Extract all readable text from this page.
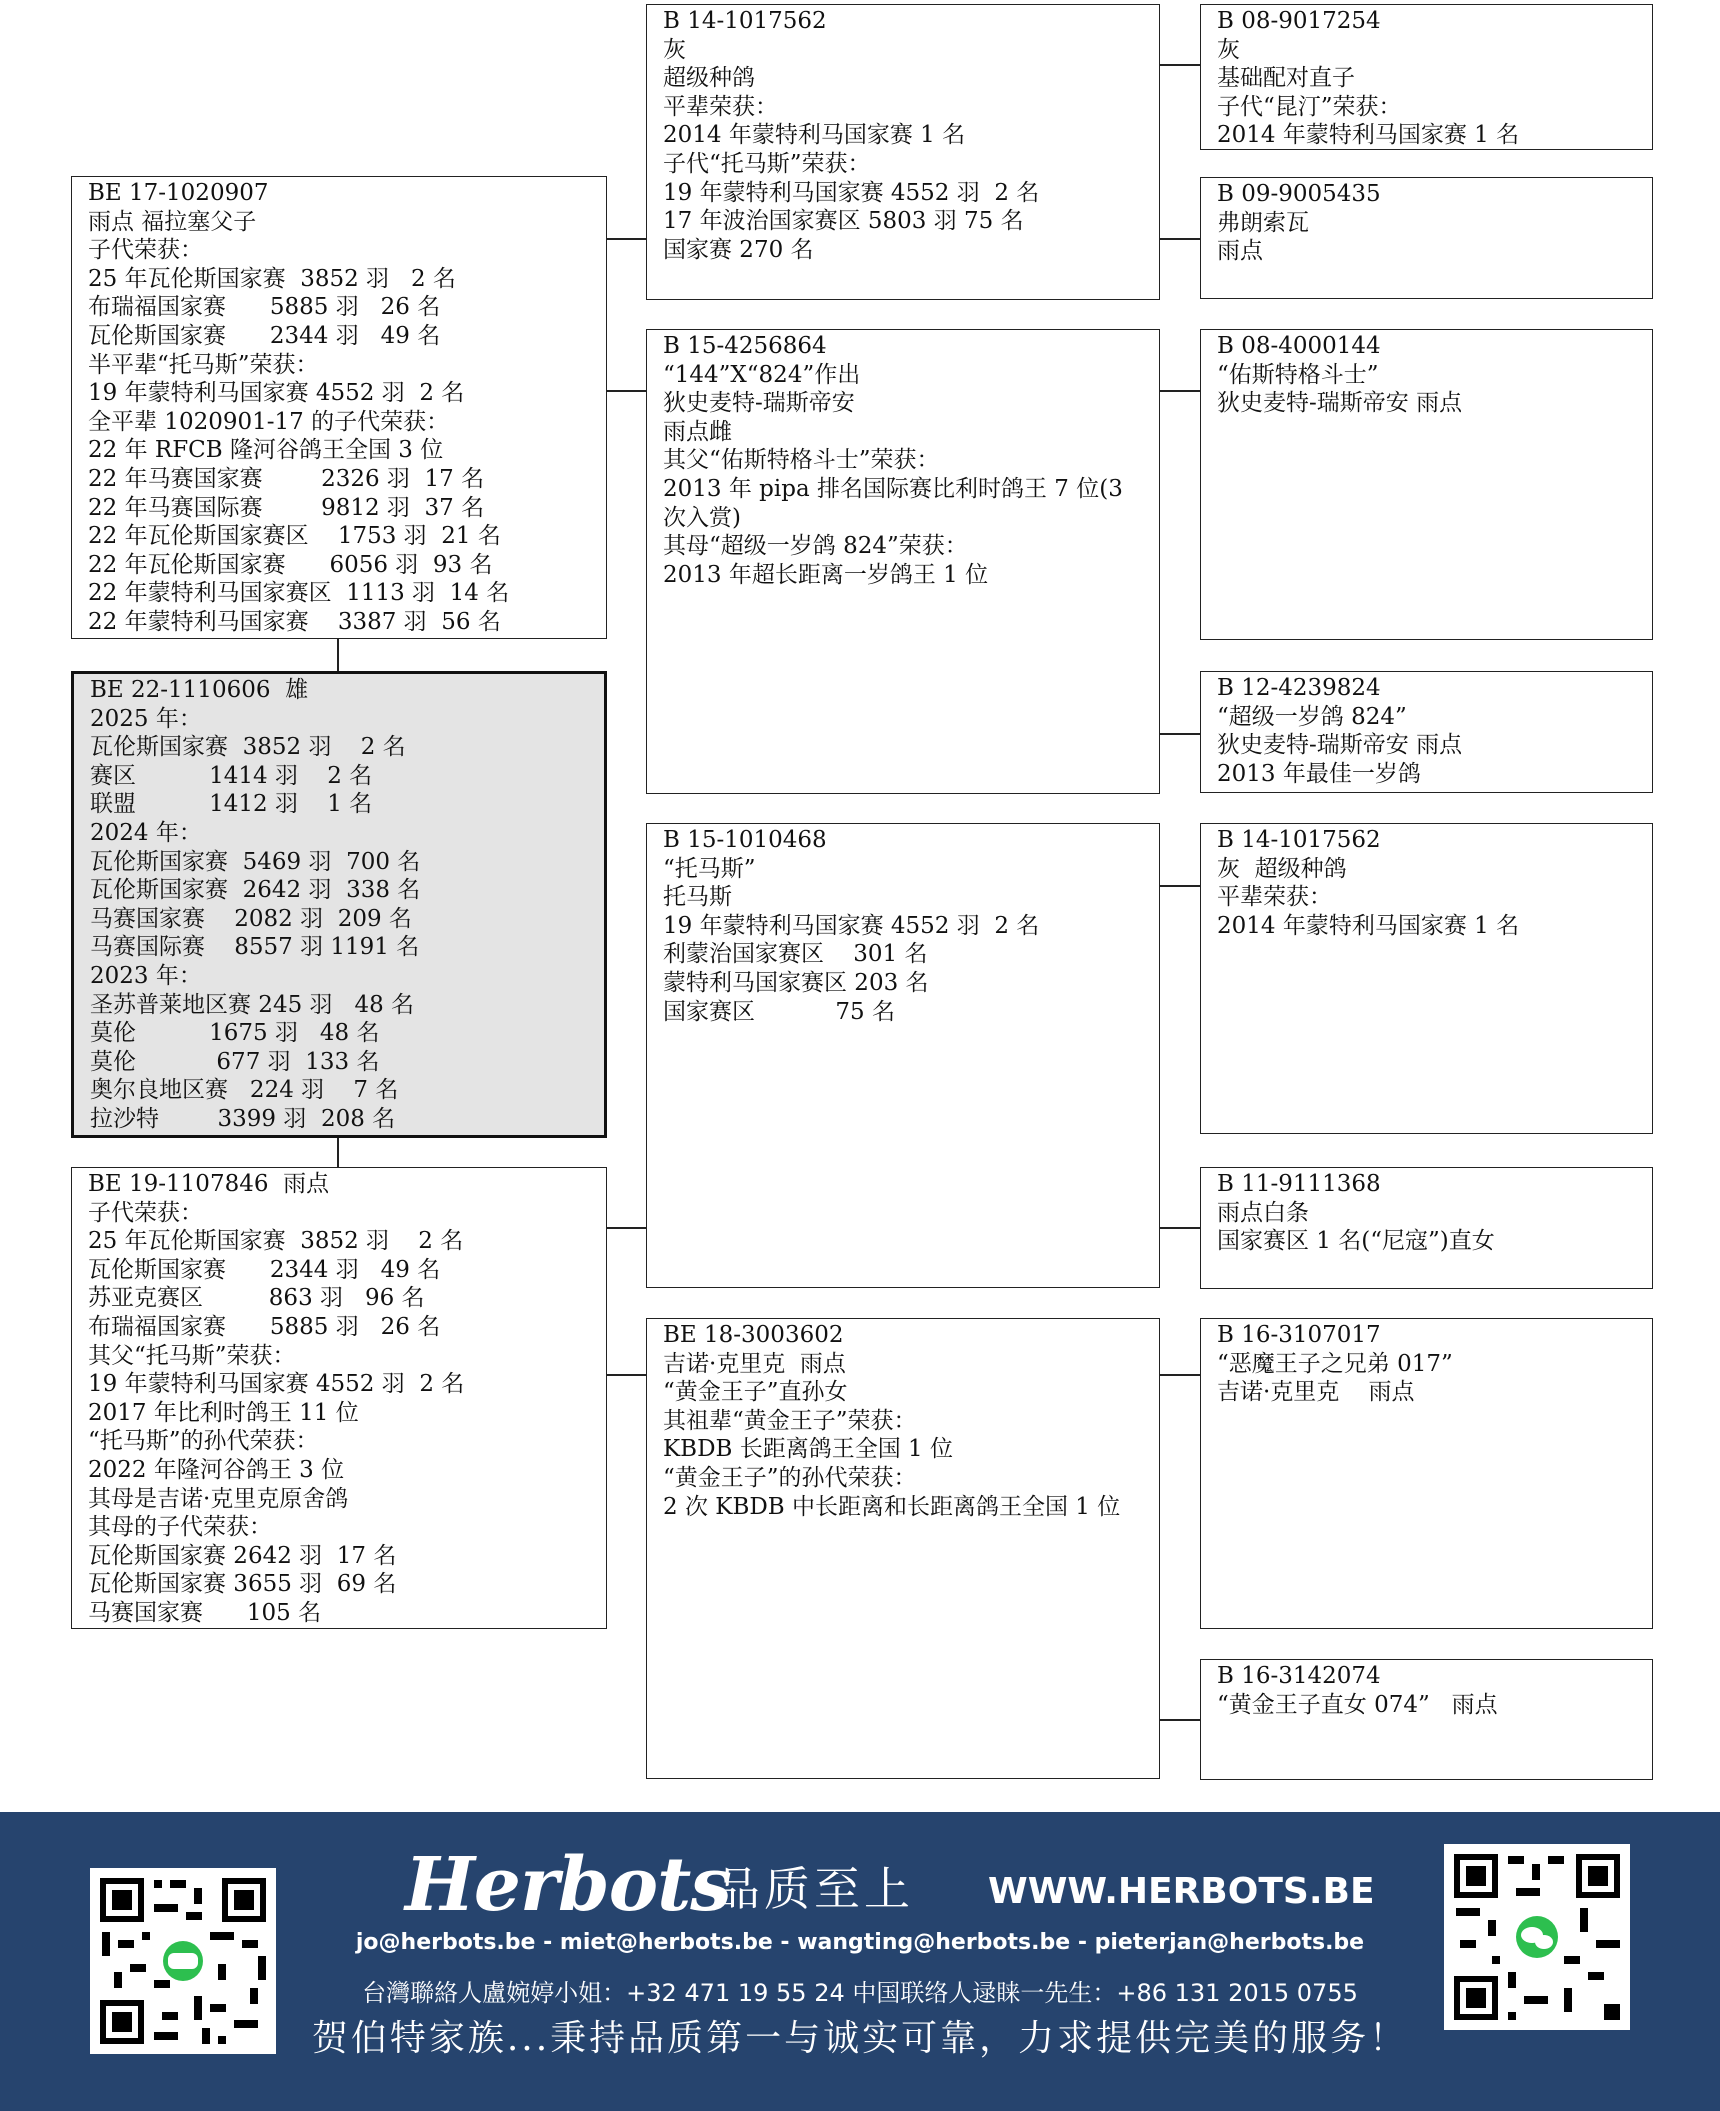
BE 17-1020907
雨点 福拉塞父子
子代荣获：
25 年瓦伦斯国家赛  3852 羽   2 名
布瑞福国家赛      5885 羽   26 名
瓦伦斯国家赛      2344 羽   49 名
半平辈“托马斯”荣获：
19 年蒙特利马国家赛 4552 羽  2 名
全平辈 1020901-17 的子代荣获：
22 年 RFCB 隆河谷鸽王全国 3 位
22 年马赛国家赛        2326 羽  17 名
22 年马赛国际赛        9812 羽  37 名
22 年瓦伦斯国家赛区    1753 羽  21 名
22 年瓦伦斯国家赛      6056 羽  93 名
22 年蒙特利马国家赛区  1113 羽  14 名
22 年蒙特利马国家赛    3387 羽  56 名
BE 22-1110606  雄
2025 年：
瓦伦斯国家赛  3852 羽    2 名
赛区          1414 羽    2 名
联盟          1412 羽    1 名
2024 年：
瓦伦斯国家赛  5469 羽  700 名
瓦伦斯国家赛  2642 羽  338 名
马赛国家赛    2082 羽  209 名
马赛国际赛    8557 羽 1191 名
2023 年：
圣苏普莱地区赛 245 羽   48 名
莫伦          1675 羽   48 名
莫伦           677 羽  133 名
奥尔良地区赛   224 羽    7 名
拉沙特        3399 羽  208 名
BE 19-1107846  雨点
子代荣获：
25 年瓦伦斯国家赛  3852 羽    2 名
瓦伦斯国家赛      2344 羽   49 名
苏亚克赛区         863 羽   96 名
布瑞福国家赛      5885 羽   26 名
其父“托马斯”荣获：
19 年蒙特利马国家赛 4552 羽  2 名
2017 年比利时鸽王 11 位
“托马斯”的孙代荣获：
2022 年隆河谷鸽王 3 位
其母是吉诺·克里克原舍鸽
其母的子代荣获：
瓦伦斯国家赛 2642 羽  17 名
瓦伦斯国家赛 3655 羽  69 名
马赛国家赛      105 名
B 14-1017562
灰
超级种鸽
平辈荣获：
2014 年蒙特利马国家赛 1 名
子代“托马斯”荣获：
19 年蒙特利马国家赛 4552 羽  2 名
17 年波治国家赛区 5803 羽 75 名
国家赛 270 名
B 15-4256864
“144”X“824”作出
狄史麦特-瑞斯帝安
雨点雌
其父“佑斯特格斗士”荣获：
2013 年 pipa 排名国际赛比利时鸽王 7 位(3
次入赏)
其母“超级一岁鸽 824”荣获：
2013 年超长距离一岁鸽王 1 位
B 15-1010468
“托马斯”
托马斯
19 年蒙特利马国家赛 4552 羽  2 名
利蒙治国家赛区    301 名
蒙特利马国家赛区 203 名
国家赛区           75 名
BE 18-3003602
吉诺·克里克  雨点
“黄金王子”直孙女
其祖辈“黄金王子”荣获：
KBDB 长距离鸽王全国 1 位
“黄金王子”的孙代荣获：
2 次 KBDB 中长距离和长距离鸽王全国 1 位
B 08-9017254
灰
基础配对直子
子代“昆汀”荣获：
2014 年蒙特利马国家赛 1 名
B 09-9005435
弗朗索瓦
雨点
B 08-4000144
“佑斯特格斗士”
狄史麦特-瑞斯帝安 雨点
B 12-4239824
“超级一岁鸽 824”
狄史麦特-瑞斯帝安 雨点
2013 年最佳一岁鸽
B 14-1017562
灰  超级种鸽
平辈荣获：
2014 年蒙特利马国家赛 1 名
B 11-9111368
雨点白条
国家赛区 1 名(“尼寇”)直女
B 16-3107017
“恶魔王子之兄弟 017”
吉诺·克里克    雨点
B 16-3142074
“黄金王子直女 074”   雨点
Herbots
品质至上 WWW.HERBOTS.BE
jo@herbots.be - miet@herbots.be - wangting@herbots.be - pieterjan@herbots.be
台灣聯絡人盧婉婷小姐：+32 471 19 55 24 中国联络人逯睐一先生：+86 131 2015 0755
贺伯特家族...秉持品质第一与诚实可靠，力求提供完美的服务！
